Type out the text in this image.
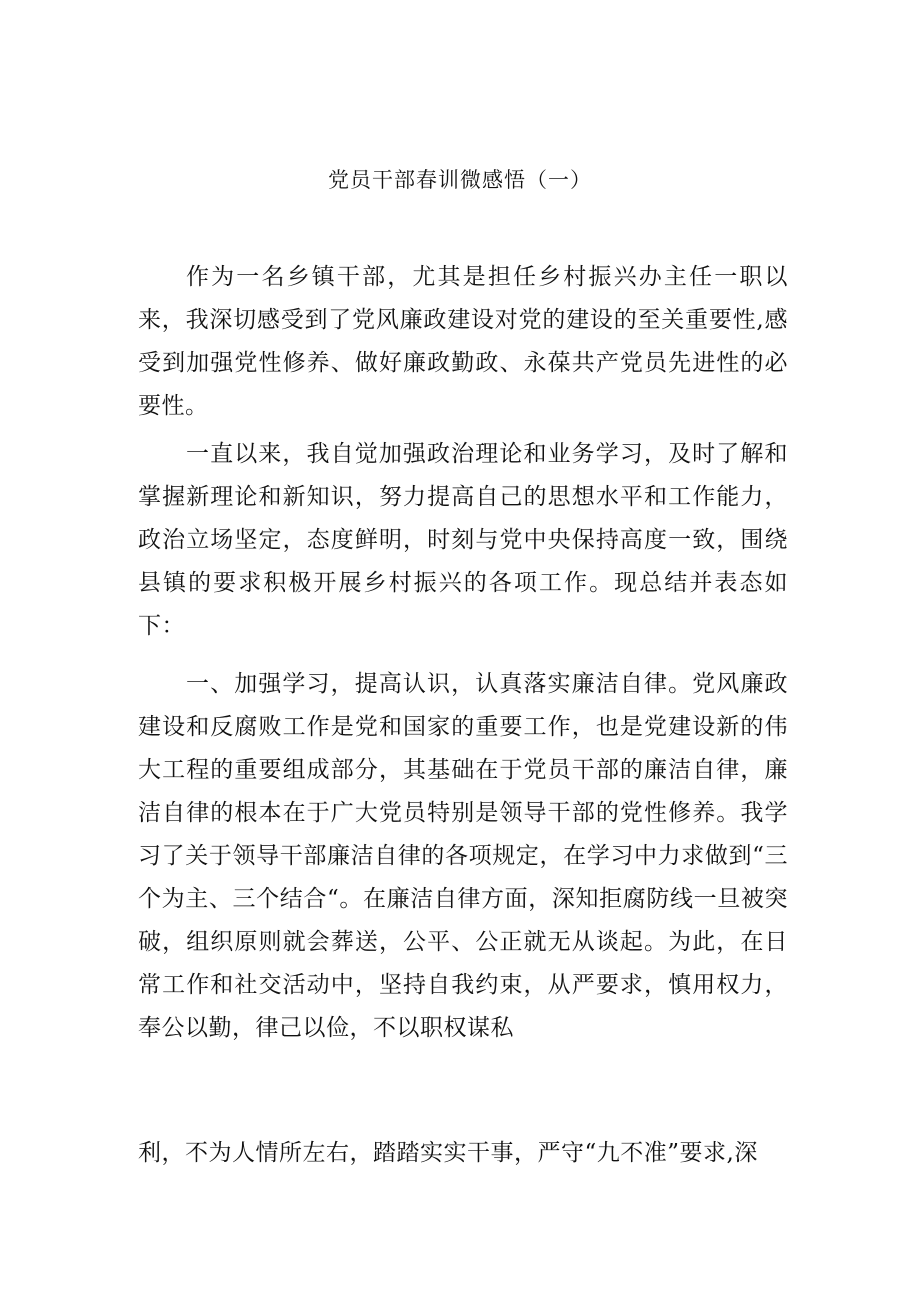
党员干部春训微感悟（一）

作为一名乡镇干部，尤其是担任乡村振兴办主任一职以来，我深切感受到了党风廉政建设对党的建设的至关重要性,感受到加强党性修养、做好廉政勤政、永葆共产党员先进性的必要性。

一直以来，我自觉加强政治理论和业务学习，及时了解和掌握新理论和新知识，努力提高自己的思想水平和工作能力，政治立场坚定，态度鲜明，时刻与党中央保持高度一致，围绕县镇的要求积极开展乡村振兴的各项工作。现总结并表态如下：

一、加强学习，提高认识，认真落实廉洁自律。党风廉政建设和反腐败工作是党和国家的重要工作，也是党建设新的伟大工程的重要组成部分，其基础在于党员干部的廉洁自律，廉洁自律的根本在于广大党员特别是领导干部的党性修养。我学习了关于领导干部廉洁自律的各项规定，在学习中力求做到“三个为主、三个结合“。在廉洁自律方面，深知拒腐防线一旦被突破，组织原则就会葬送，公平、公正就无从谈起。为此，在日常工作和社交活动中，坚持自我约束，从严要求，慎用权力，奉公以勤，律己以俭，不以职权谋私

利，不为人情所左右，踏踏实实干事，严守“九不准”要求,深
